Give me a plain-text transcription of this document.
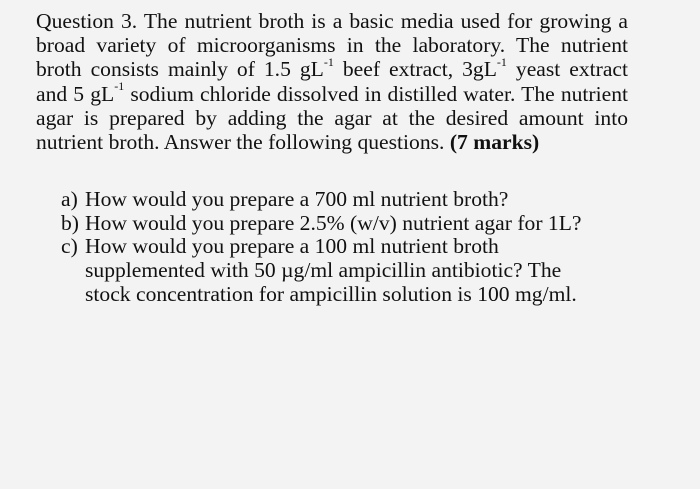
Question 3. The nutrient broth is a basic media used for growing a broad variety of microorganisms in the laboratory. The nutrient broth consists mainly of 1.5 $gL^{-1}$ beef extract, $3gL^{-1}$ yeast extract and 5 $gL^{-1}$ sodium chloride dissolved in distilled water. The nutrient agar is prepared by adding the agar at the desired amount into nutrient broth. Answer the following questions. (7 marks)

a) How would you prepare a 700 ml nutrient broth?
b) How would you prepare 2.5% (w/v) nutrient agar for 1L?
c) How would you prepare a 100 ml nutrient broth supplemented with 50 µg/ml ampicillin antibiotic? The stock concentration for ampicillin solution is 100 mg/ml.
